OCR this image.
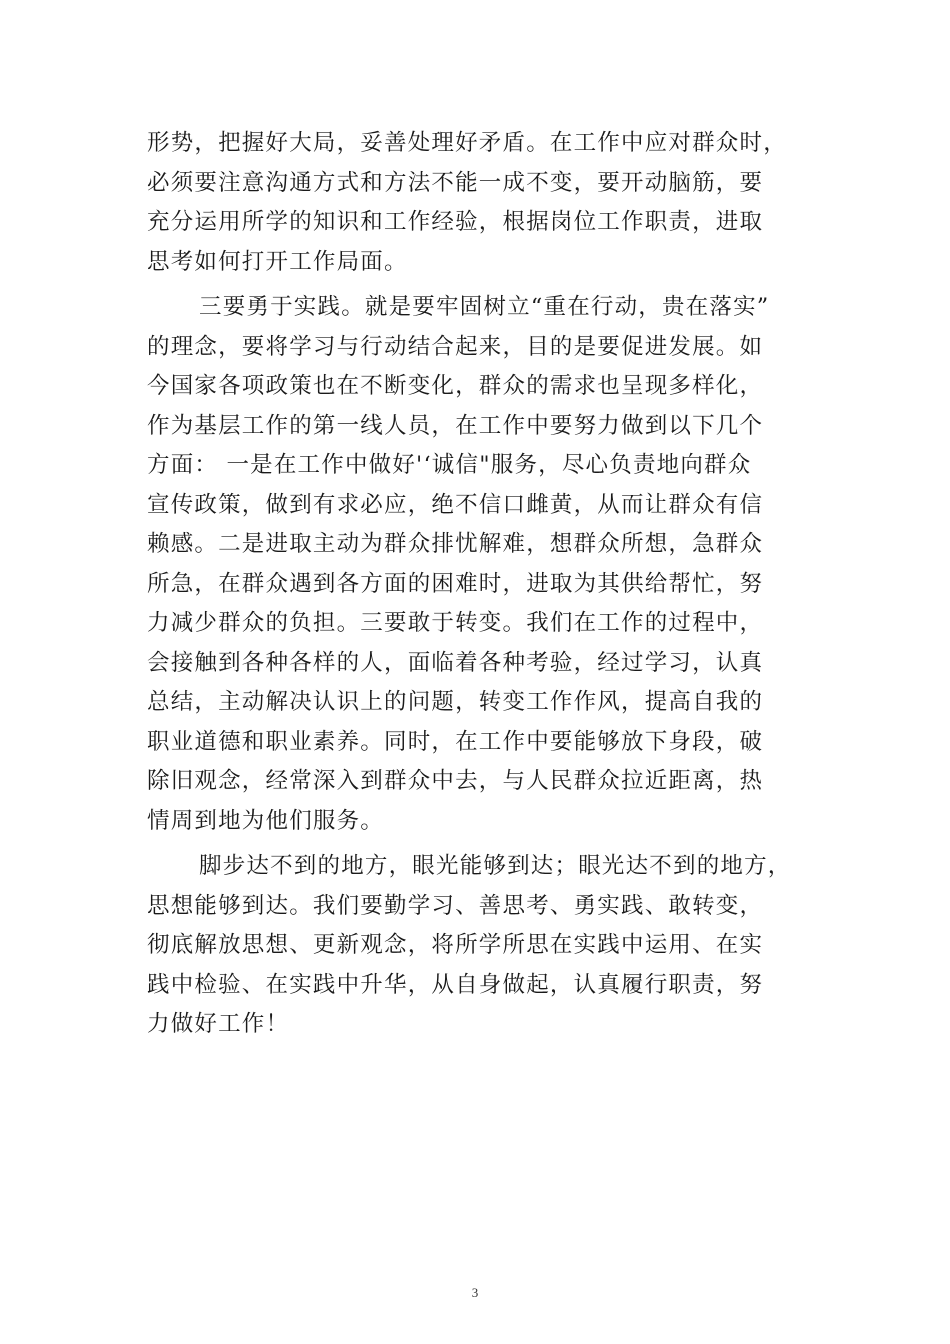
形势，把握好大局，妥善处理好矛盾。在工作中应对群众时，
必须要注意沟通方式和方法不能一成不变，要开动脑筋，要
充分运用所学的知识和工作经验，根据岗位工作职责，进取
思考如何打开工作局面。
三要勇于实践。就是要牢固树立“重在行动，贵在落实”
的理念，要将学习与行动结合起来，目的是要促进发展。如
今国家各项政策也在不断变化，群众的需求也呈现多样化，
作为基层工作的第一线人员，在工作中要努力做到以下几个
方面： 一是在工作中做好'‘诚信"服务，尽心负责地向群众
宣传政策，做到有求必应，绝不信口雌黄，从而让群众有信
赖感。二是进取主动为群众排忧解难，想群众所想，急群众
所急，在群众遇到各方面的困难时，进取为其供给帮忙，努
力减少群众的负担。三要敢于转变。我们在工作的过程中，
会接触到各种各样的人，面临着各种考验，经过学习，认真
总结，主动解决认识上的问题，转变工作作风，提高自我的
职业道德和职业素养。同时，在工作中要能够放下身段，破
除旧观念，经常深入到群众中去，与人民群众拉近距离，热
情周到地为他们服务。
脚步达不到的地方，眼光能够到达；眼光达不到的地方，
思想能够到达。我们要勤学习、善思考、勇实践、敢转变，
彻底解放思想、更新观念，将所学所思在实践中运用、在实
践中检验、在实践中升华，从自身做起，认真履行职责，努
力做好工作！
3
